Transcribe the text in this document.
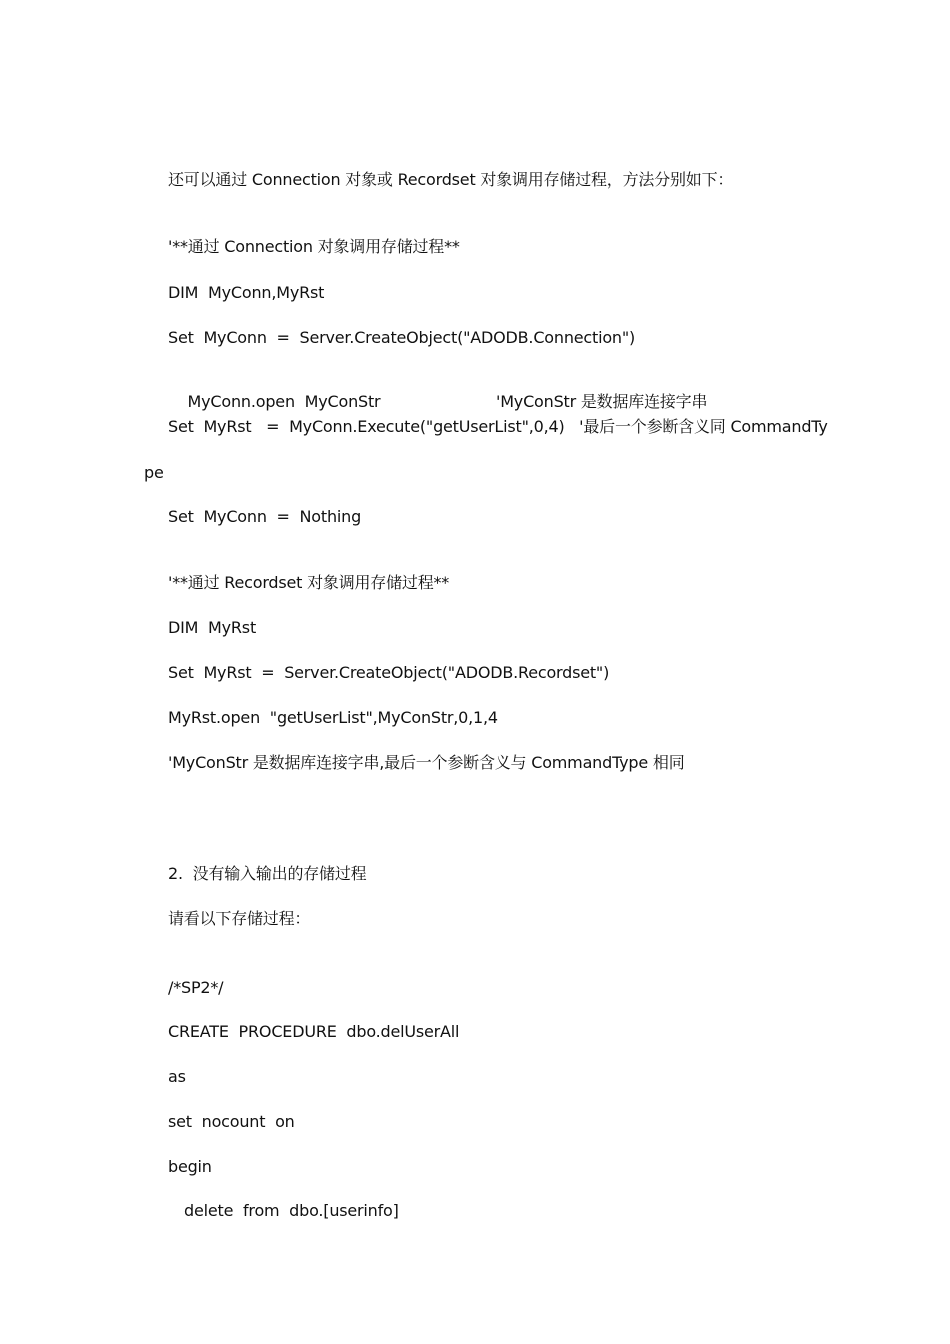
还可以通过 Connection 对象或 Recordset 对象调用存储过程，方法分别如下：
'**通过 Connection 对象调用存储过程**
DIM  MyConn,MyRst
Set  MyConn  =  Server.CreateObject("ADODB.Connection")

MyConn.open  MyConStr	'MyConStr 是数据库连接字串

Set  MyRst   =  MyConn.Execute("getUserList",0,4)   '最后一个参断含义同 CommandTy
pe
Set  MyConn  =  Nothing
'**通过 Recordset 对象调用存储过程**
DIM  MyRst
Set  MyRst  =  Server.CreateObject("ADODB.Recordset")
MyRst.open  "getUserList",MyConStr,0,1,4
'MyConStr 是数据库连接字串,最后一个参断含义与 CommandType 相同
2.  没有输入输出的存储过程
请看以下存储过程：
/*SP2*/
CREATE  PROCEDURE  dbo.delUserAll
as
set  nocount  on
begin
delete  from  dbo.[userinfo]
